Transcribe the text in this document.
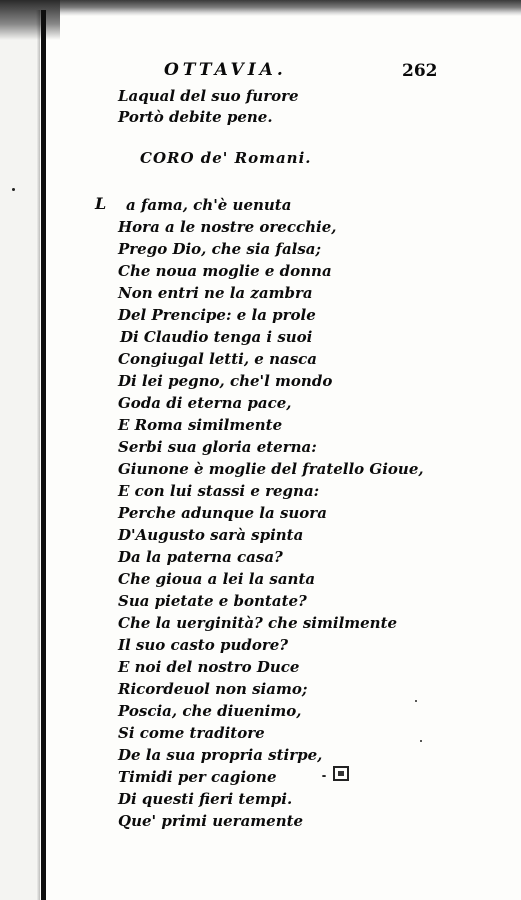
OTTAVIA.	262
Laqual del suo furore
Portò debite pene.
CORO de' Romani.
L a fama, ch'è uenuta
Hora a le nostre orecchie,
Prego Dio, che sia falsa;
Che noua moglie e donna
Non entri ne la zambra
Del Prencipe: e la prole
Di Claudio tenga i suoi
Congiugal letti, e nasca
Di lei pegno, che'l mondo
Goda di eterna pace,
E Roma similmente
Serbi sua gloria eterna:
Giunone è moglie del fratello Gioue,
E con lui stassi e regna:
Perche adunque la suora
D'Augusto sarà spinta
Da la paterna casa?
Che gioua a lei la santa
Sua pietate e bontate?
Che la uerginità? che similmente
Il suo casto pudore?
E noi del nostro Duce
Ricordeuol non siamo;
Poscia, che diuenimo,
Si come traditore
De la sua propria stirpe,
Timidi per cagione
Di questi fieri tempi.
Que' primi ueramente
